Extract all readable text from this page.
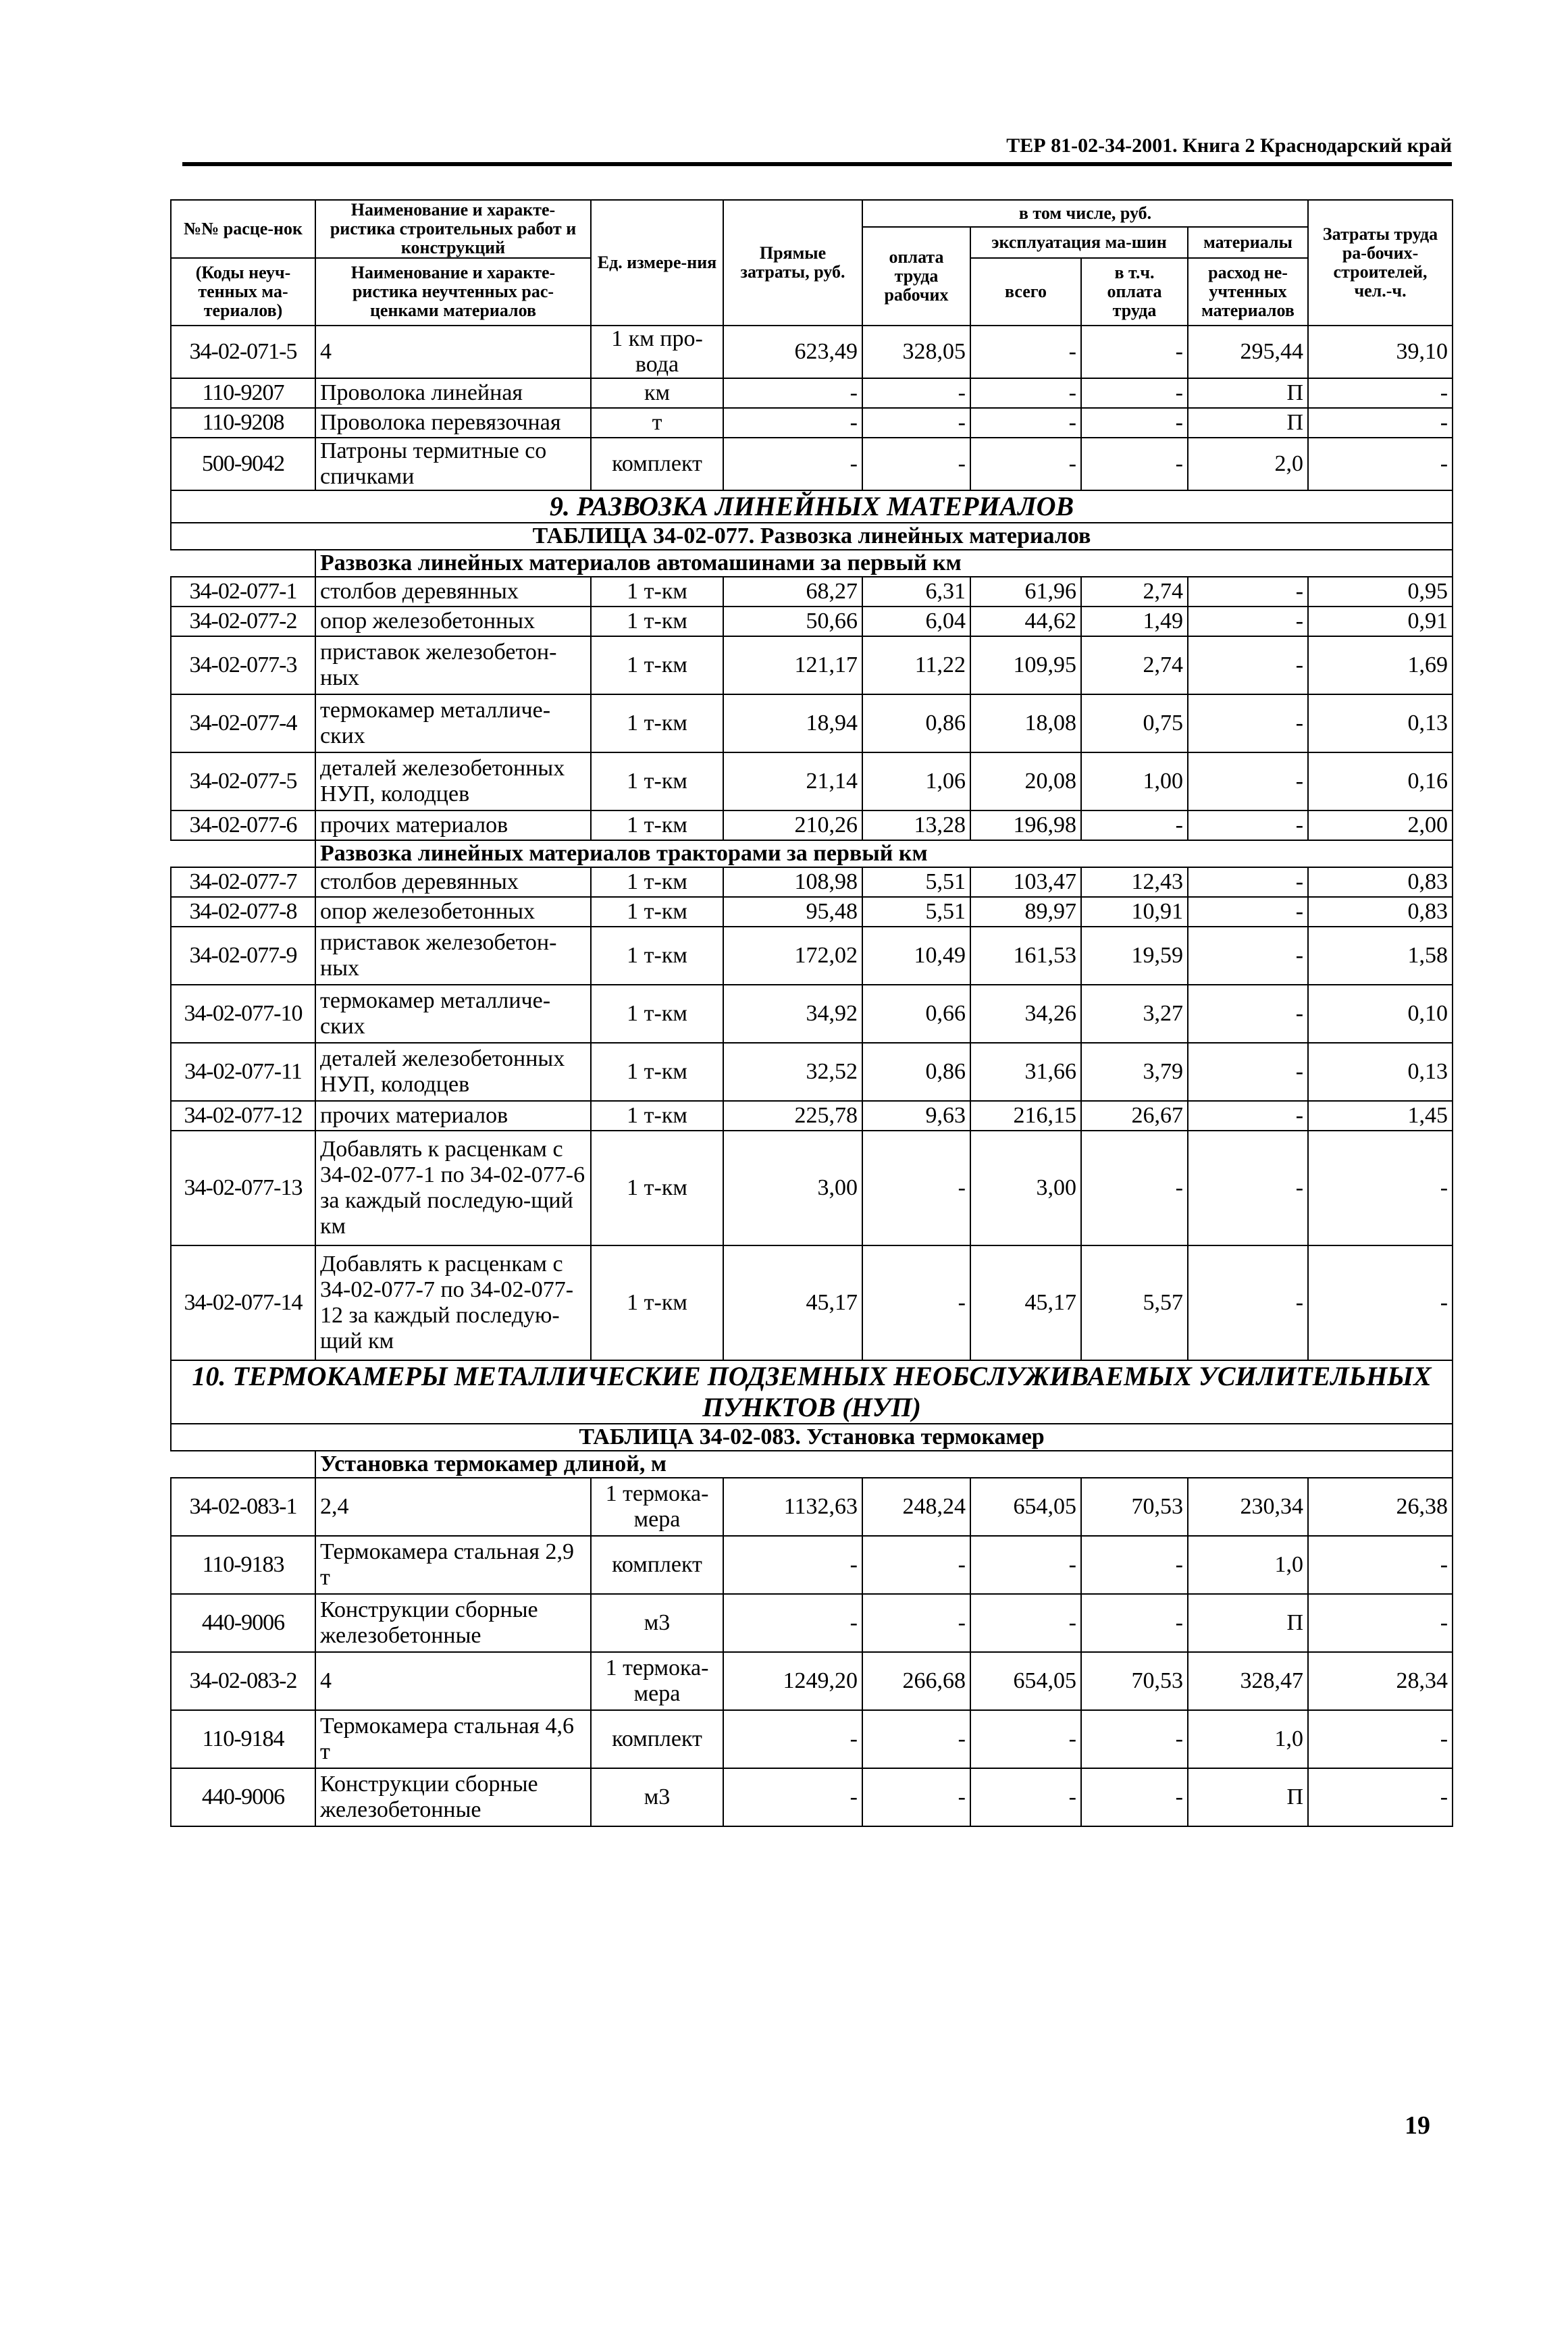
ТЕР 81-02-34-2001. Книга 2 Краснодарский край
№№ расце-нок	Наименование и характе-ристика строительных работ и конструкций	Ед. измере-ния	Прямые затраты, руб.	в том числе, руб.				Затраты труда ра-бочих-строителей, чел.-ч.
				оплата труда рабочих	эксплуатация ма-шин		материалы	
(Коды неуч-тенных ма-териалов)	Наименование и характе-ристика неучтенных рас-ценками материалов				всего	в т.ч. оплата труда	расход не-учтенных материалов	

34-02-071-5	4	1 км про-вода	623,49	328,05	-	-	295,44	39,10
110-9207	Проволока линейная	км	-	-	-	-	П	-
110-9208	Проволока перевязочная	т	-	-	-	-	П	-
500-9042	Патроны термитные со спичками	комплект	-	-	-	-	2,0	-
9. РАЗВОЗКА ЛИНЕЙНЫХ МАТЕРИАЛОВ								
ТАБЛИЦА 34-02-077. Развозка линейных материалов								
	Развозка линейных материалов автомашинами за первый км							
34-02-077-1	столбов деревянных	1 т-км	68,27	6,31	61,96	2,74	-	0,95
34-02-077-2	опор железобетонных	1 т-км	50,66	6,04	44,62	1,49	-	0,91
34-02-077-3	приставок железобетон-ных	1 т-км	121,17	11,22	109,95	2,74	-	1,69
34-02-077-4	термокамер металличе-ских	1 т-км	18,94	0,86	18,08	0,75	-	0,13
34-02-077-5	деталей железобетонных НУП, колодцев	1 т-км	21,14	1,06	20,08	1,00	-	0,16
34-02-077-6	прочих материалов	1 т-км	210,26	13,28	196,98	-	-	2,00
	Развозка линейных материалов тракторами за первый км							
34-02-077-7	столбов деревянных	1 т-км	108,98	5,51	103,47	12,43	-	0,83
34-02-077-8	опор железобетонных	1 т-км	95,48	5,51	89,97	10,91	-	0,83
34-02-077-9	приставок железобетон-ных	1 т-км	172,02	10,49	161,53	19,59	-	1,58
34-02-077-10	термокамер металличе-ских	1 т-км	34,92	0,66	34,26	3,27	-	0,10
34-02-077-11	деталей железобетонных НУП, колодцев	1 т-км	32,52	0,86	31,66	3,79	-	0,13
34-02-077-12	прочих материалов	1 т-км	225,78	9,63	216,15	26,67	-	1,45
34-02-077-13	Добавлять к расценкам с 34-02-077-1 по 34-02-077-6 за каждый последую-щий км	1 т-км	3,00	-	3,00	-	-	-
34-02-077-14	Добавлять к расценкам с 34-02-077-7 по 34-02-077-12 за каждый последую-щий км	1 т-км	45,17	-	45,17	5,57	-	-
10. ТЕРМОКАМЕРЫ МЕТАЛЛИЧЕСКИЕ ПОДЗЕМНЫХ НЕОБСЛУЖИВАЕМЫХ УСИЛИТЕЛЬНЫХ ПУНКТОВ (НУП)								
ТАБЛИЦА 34-02-083. Установка термокамер								
	Установка термокамер длиной, м							
34-02-083-1	2,4	1 термока-мера	1132,63	248,24	654,05	70,53	230,34	26,38
110-9183	Термокамера стальная 2,9 т	комплект	-	-	-	-	1,0	-
440-9006	Конструкции сборные железобетонные	м3	-	-	-	-	П	-
34-02-083-2	4	1 термока-мера	1249,20	266,68	654,05	70,53	328,47	28,34
110-9184	Термокамера стальная 4,6 т	комплект	-	-	-	-	1,0	-
440-9006	Конструкции сборные железобетонные	м3	-	-	-	-	П	-
19
